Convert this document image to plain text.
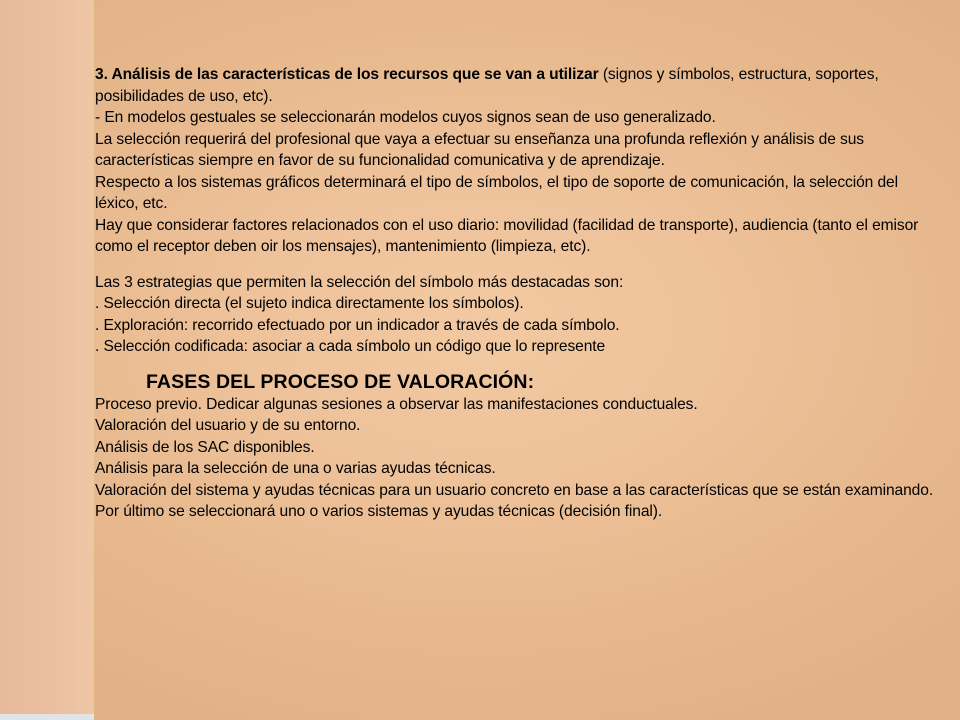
3. Análisis de las características de los recursos que se van a utilizar (signos y símbolos, estructura, soportes, posibilidades de uso, etc).

- En modelos gestuales se seleccionarán modelos cuyos signos sean de uso generalizado.

La selección requerirá del profesional que vaya a efectuar su enseñanza una profunda reflexión y análisis de sus características siempre en favor de su funcionalidad comunicativa y de aprendizaje.

Respecto a los sistemas gráficos determinará el tipo de símbolos, el tipo de soporte de comunicación, la selección del léxico, etc.

Hay que considerar factores relacionados con el uso diario: movilidad (facilidad de transporte), audiencia (tanto el emisor como el receptor deben oir los mensajes), mantenimiento (limpieza, etc).

Las 3 estrategias que permiten la selección del símbolo más destacadas son:

. Selección directa (el sujeto indica directamente los símbolos).

. Exploración: recorrido efectuado por un indicador a través de cada símbolo.

. Selección codificada: asociar a cada símbolo un código que lo represente

FASES DEL PROCESO DE VALORACIÓN:

Proceso previo. Dedicar algunas sesiones a observar las manifestaciones conductuales.

Valoración del usuario y de su entorno.

Análisis de los SAC disponibles.

Análisis para la selección de una o varias ayudas técnicas.

Valoración del sistema y ayudas técnicas para un usuario concreto en base a las características que se están examinando.

Por último se seleccionará uno o varios sistemas y ayudas técnicas (decisión final).
